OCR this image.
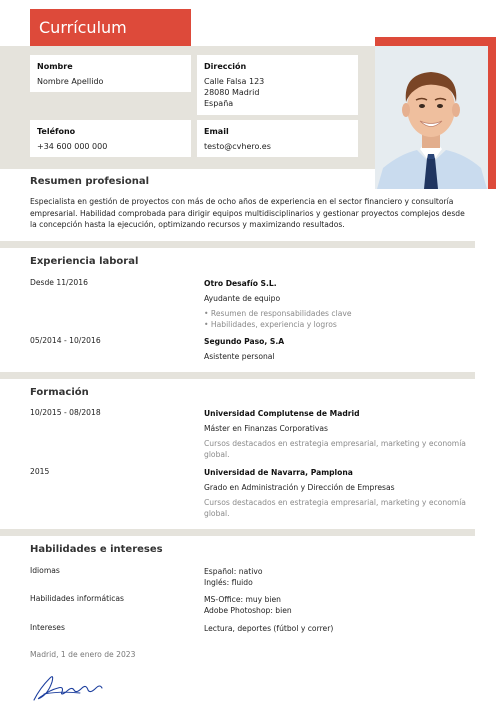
Currículum
Nombre
Nombre Apellido
Dirección
Calle Falsa 123
28080 Madrid
España
Teléfono
+34 600 000 000
Email
testo@cvhero.es
Resumen profesional
Especialista en gestión de proyectos con más de ocho años de experiencia en el sector financiero y consultoría empresarial. Habilidad comprobada para dirigir equipos multidisciplinarios y gestionar proyectos complejos desde la concepción hasta la ejecución, optimizando recursos y maximizando resultados.
Experiencia laboral
Desde 11/2016	Otro Desafío S.L.
Ayudante de equipo
• Resumen de responsabilidades clave
• Habilidades, experiencia y logros
05/2014 - 10/2016	Segundo Paso, S.A
Asistente personal
Formación
10/2015 - 08/2018	Universidad Complutense de Madrid
Máster en Finanzas Corporativas
Cursos destacados en estrategia empresarial, marketing y economía global.
2015	Universidad de Navarra, Pamplona
Grado en Administración y Dirección de Empresas
Cursos destacados en estrategia empresarial, marketing y economía global.
Habilidades e intereses
Idiomas	Español: nativo
Inglés: fluido
Habilidades informáticas	MS-Office: muy bien
Adobe Photoshop: bien
Intereses	Lectura, deportes (fútbol y correr)
Madrid, 1 de enero de 2023
